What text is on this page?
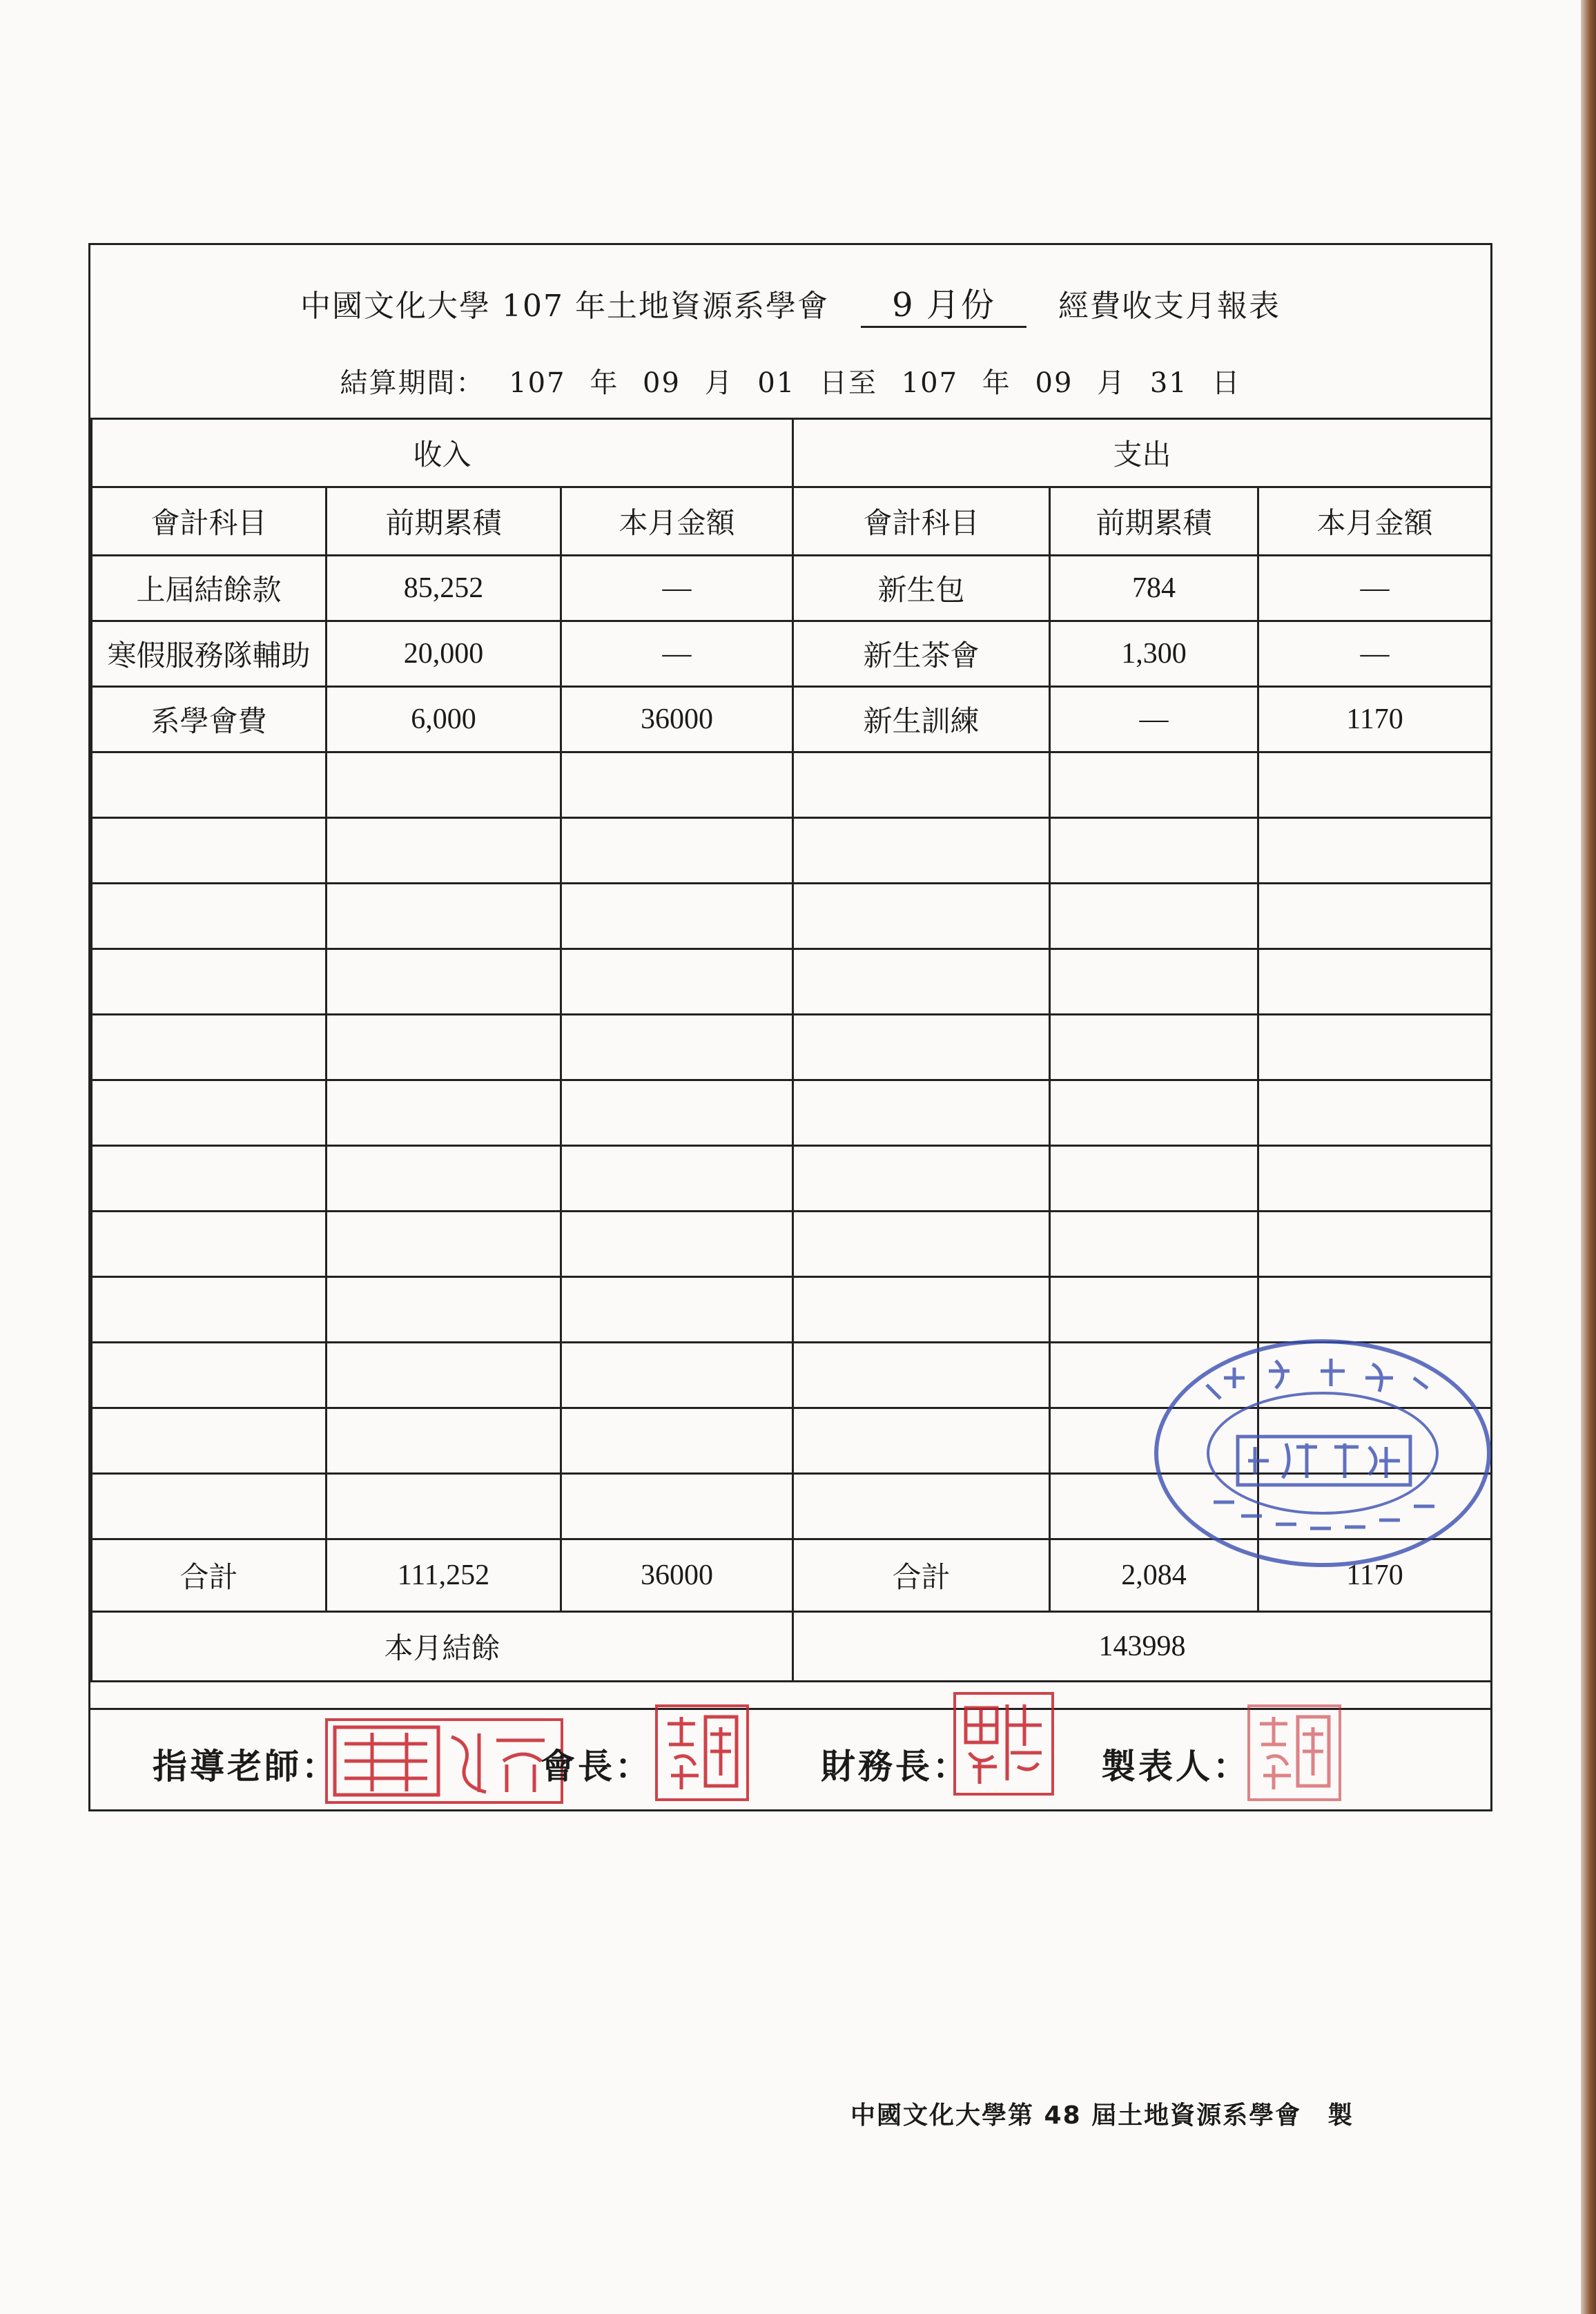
中國文化大學 107 年土地資源系學會 9 月份 經費收支月報表
結算期間： 107 年 09 月 01 日至 107 年 09 月 31 日
收入			支出		
會計科目	前期累積	本月金額	會計科目	前期累積	本月金額
上屆結餘款	85,252	—	新生包	784	—
寒假服務隊輔助	20,000	—	新生茶會	1,300	—
系學會費	6,000	36000	新生訓練	—	1170

合計	111,252	36000	合計	2,084	1170
本月結餘			143998		
指導老師：	會長：	財務長：	製表人：
中國文化大學第 48 屆土地資源系學會　製
